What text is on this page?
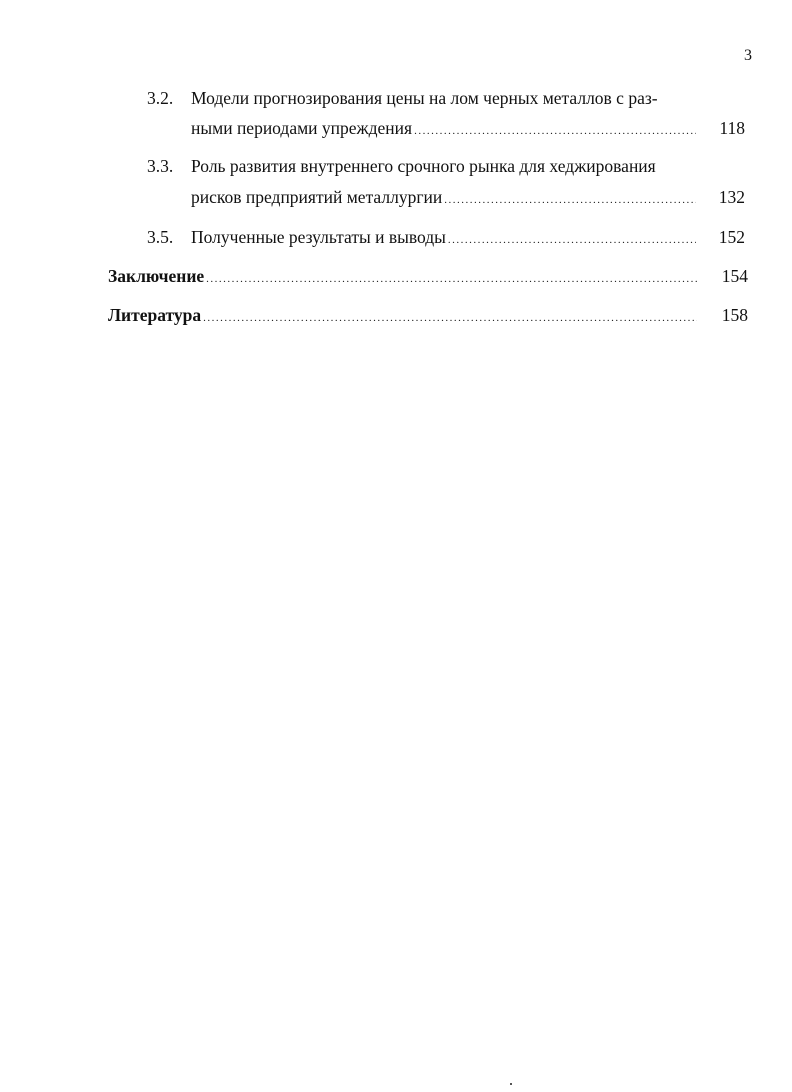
3
3.2. Модели прогнозирования цены на лом черных металлов с раз-
ными периодами упреждения .....	118
3.3. Роль развития внутреннего срочного рынка для хеджирования
рисков предприятий металлургии .....	132
3.5. Полученные результаты и выводы .....	152
Заключение .....	154
Литература .....	158
